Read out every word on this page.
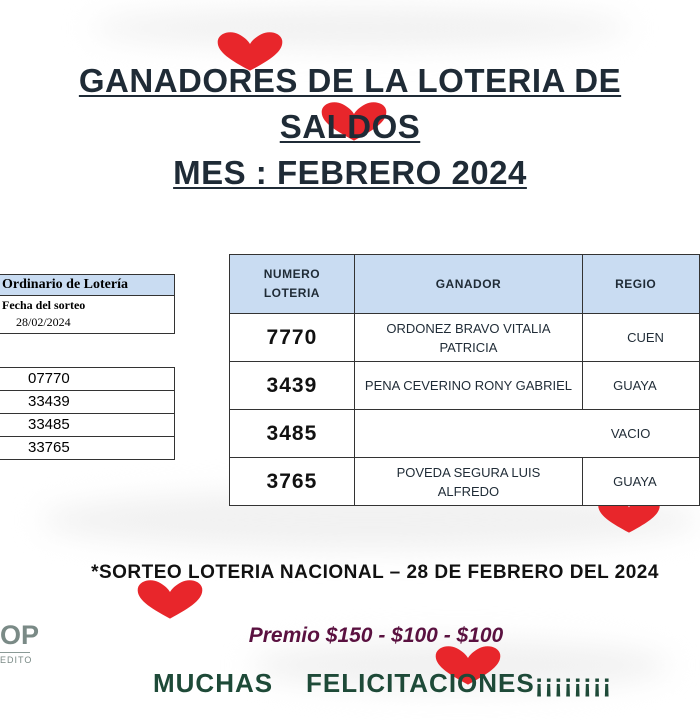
GANADORES DE LA LOTERIA DE
SALDOS
MES : FEBRERO 2024
Ordinario de Lotería
Fecha del sorteo
28/02/2024
07770
33439
33485
33765
NUMERO LOTERIA	GANADOR	REGIO
7770	ORDONEZ BRAVO VITALIA PATRICIA	CUEN
3439	PENA CEVERINO RONY GABRIEL	GUAYA
3485	VACIO	
3765	POVEDA SEGURA LUIS ALFREDO	GUAYA
*SORTEO LOTERIA NACIONAL – 28 DE FEBRERO DEL 2024
Premio $150 - $100 - $100
MUCHAS    FELICITACIONES¡¡¡¡¡¡¡¡
OP
EDITO
